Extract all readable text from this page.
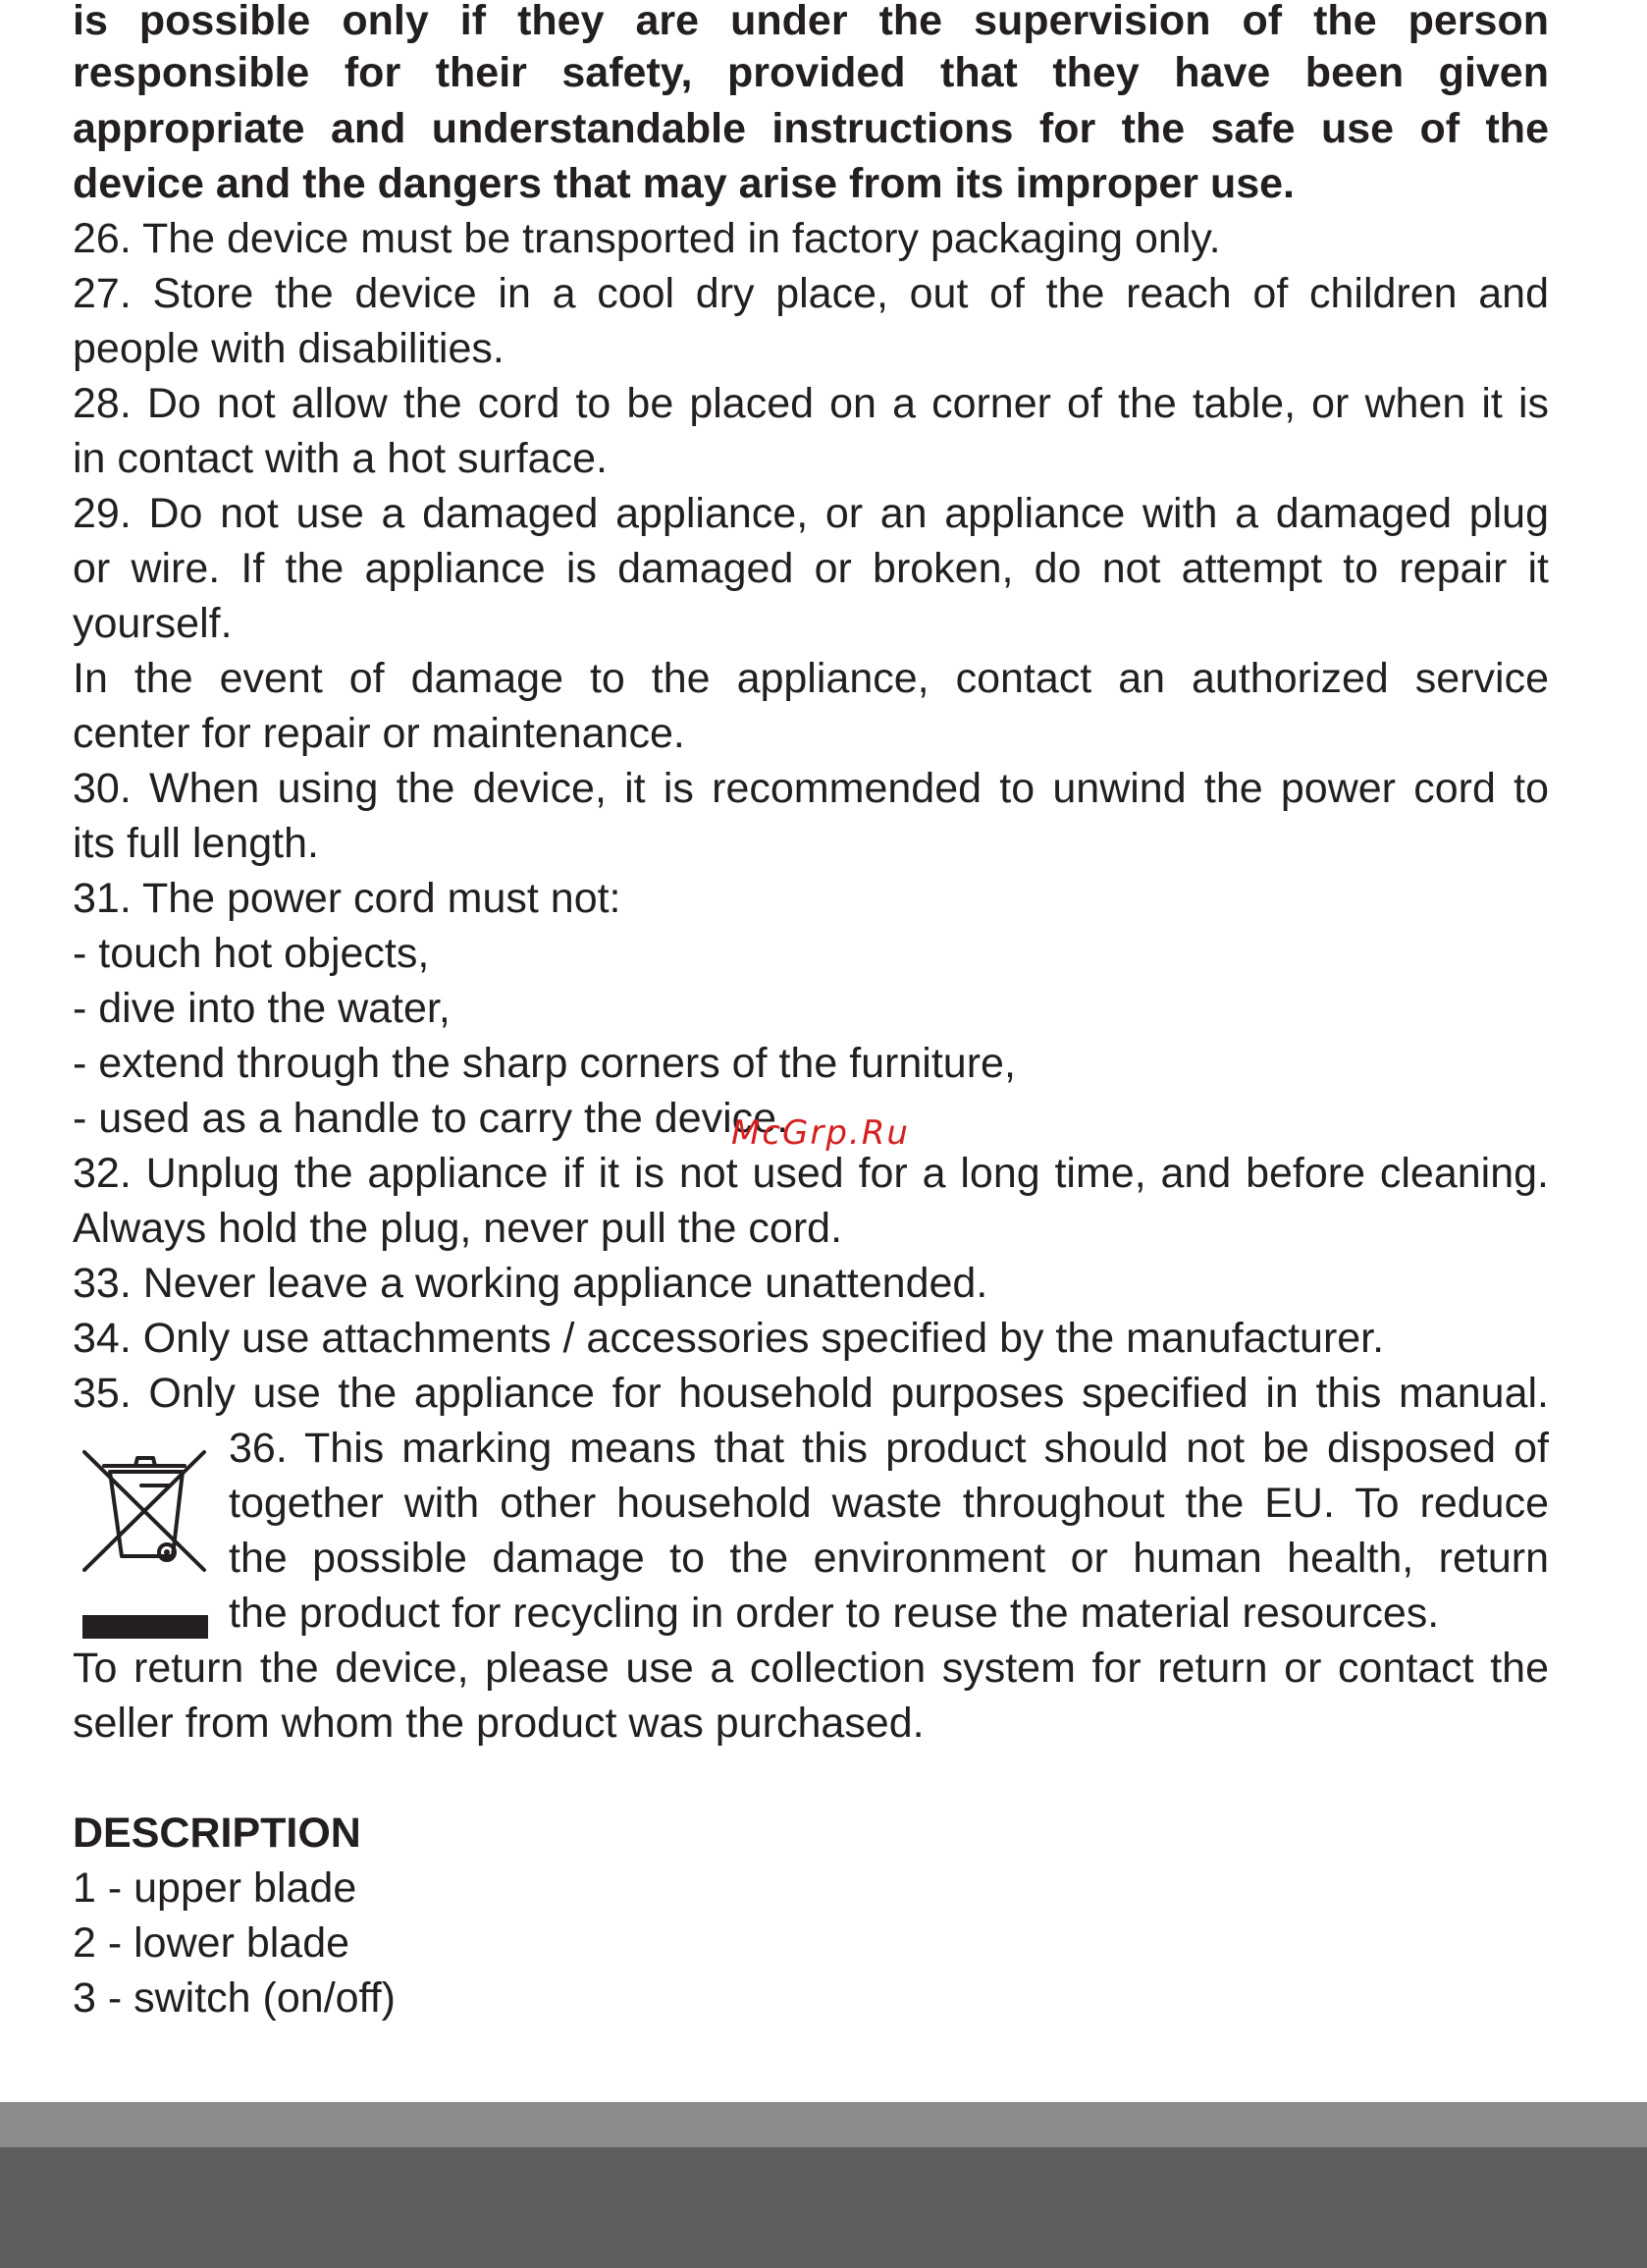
is possible only if they are under the supervision of the person
responsible for their safety, provided that they have been given
appropriate and understandable instructions for the safe use of the
device and the dangers that may arise from its improper use.
26. The device must be transported in factory packaging only.
27. Store the device in a cool dry place, out of the reach of children and
people with disabilities.
28. Do not allow the cord to be placed on a corner of the table, or when it is
in contact with a hot surface.
29. Do not use a damaged appliance, or an appliance with a damaged plug
or wire. If the appliance is damaged or broken, do not attempt to repair it
yourself.
In the event of damage to the appliance, contact an authorized service
center for repair or maintenance.
30. When using the device, it is recommended to unwind the power cord to
its full length.
31. The power cord must not:
- touch hot objects,
- dive into the water,
- extend through the sharp corners of the furniture,
- used as a handle to carry the device.
32. Unplug the appliance if it is not used for a long time, and before cleaning.
Always hold the plug, never pull the cord.
33. Never leave a working appliance unattended.
34. Only use attachments / accessories specified by the manufacturer.
35. Only use the appliance for household purposes specified in this manual.
36. This marking means that this product should not be disposed of
together with other household waste throughout the EU. To reduce
the possible damage to the environment or human health, return
the product for recycling in order to reuse the material resources.
To return the device, please use a collection system for return or contact the
seller from whom the product was purchased.
DESCRIPTION
1 - upper blade
2 - lower blade
3 - switch (on/off)
McGrp.Ru
